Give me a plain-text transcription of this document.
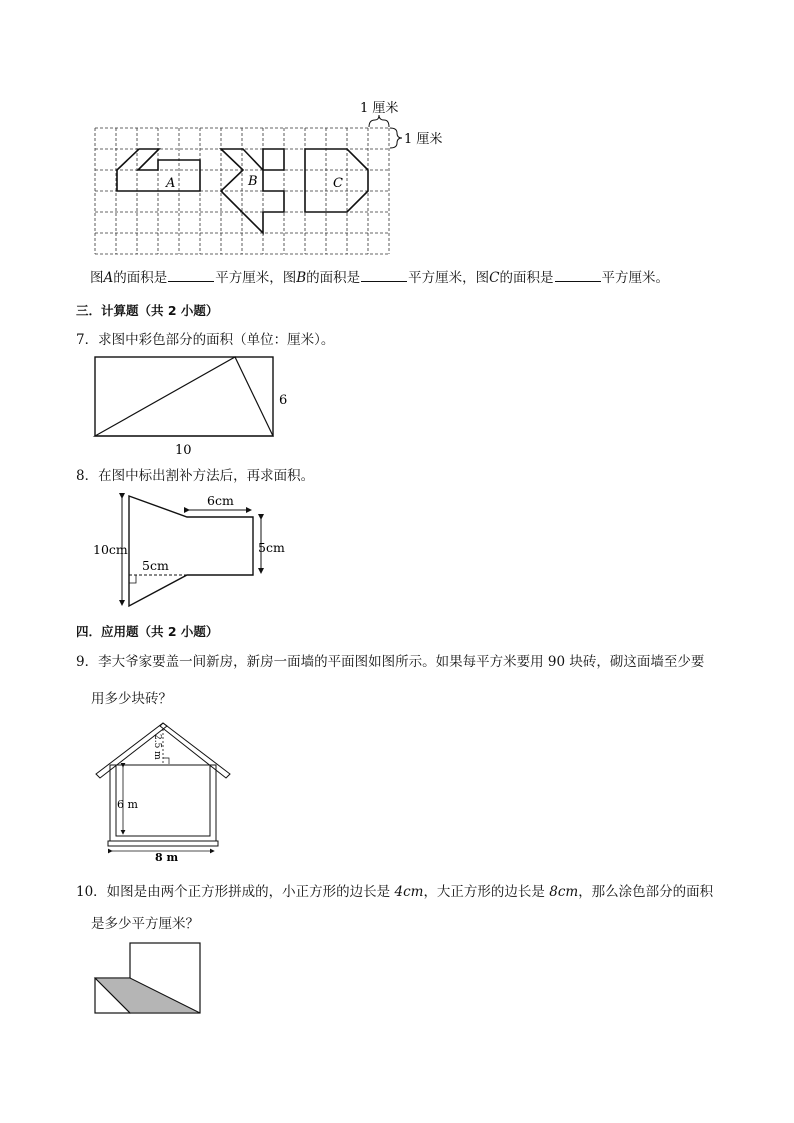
A	B	C
1 厘米
1 厘米
图A的面积是	平方厘米，图B的面积是	平方厘米，图C的面积是	平方厘米。
三．计算题（共 2 小题）
7．求图中彩色部分的面积（单位：厘米）。
6
10
8．在图中标出割补方法后，再求面积。
6cm
5cm
10cm
5cm
四．应用题（共 2 小题）
9．李大爷家要盖一间新房，新房一面墙的平面图如图所示。如果每平方米要用 90 块砖，砌这面墙至少要
用多少块砖？
2.5 m
6 m
8 m
10．如图是由两个正方形拼成的，小正方形的边长是 4cm，大正方形的边长是 8cm，那么涂色部分的面积
是多少平方厘米？
